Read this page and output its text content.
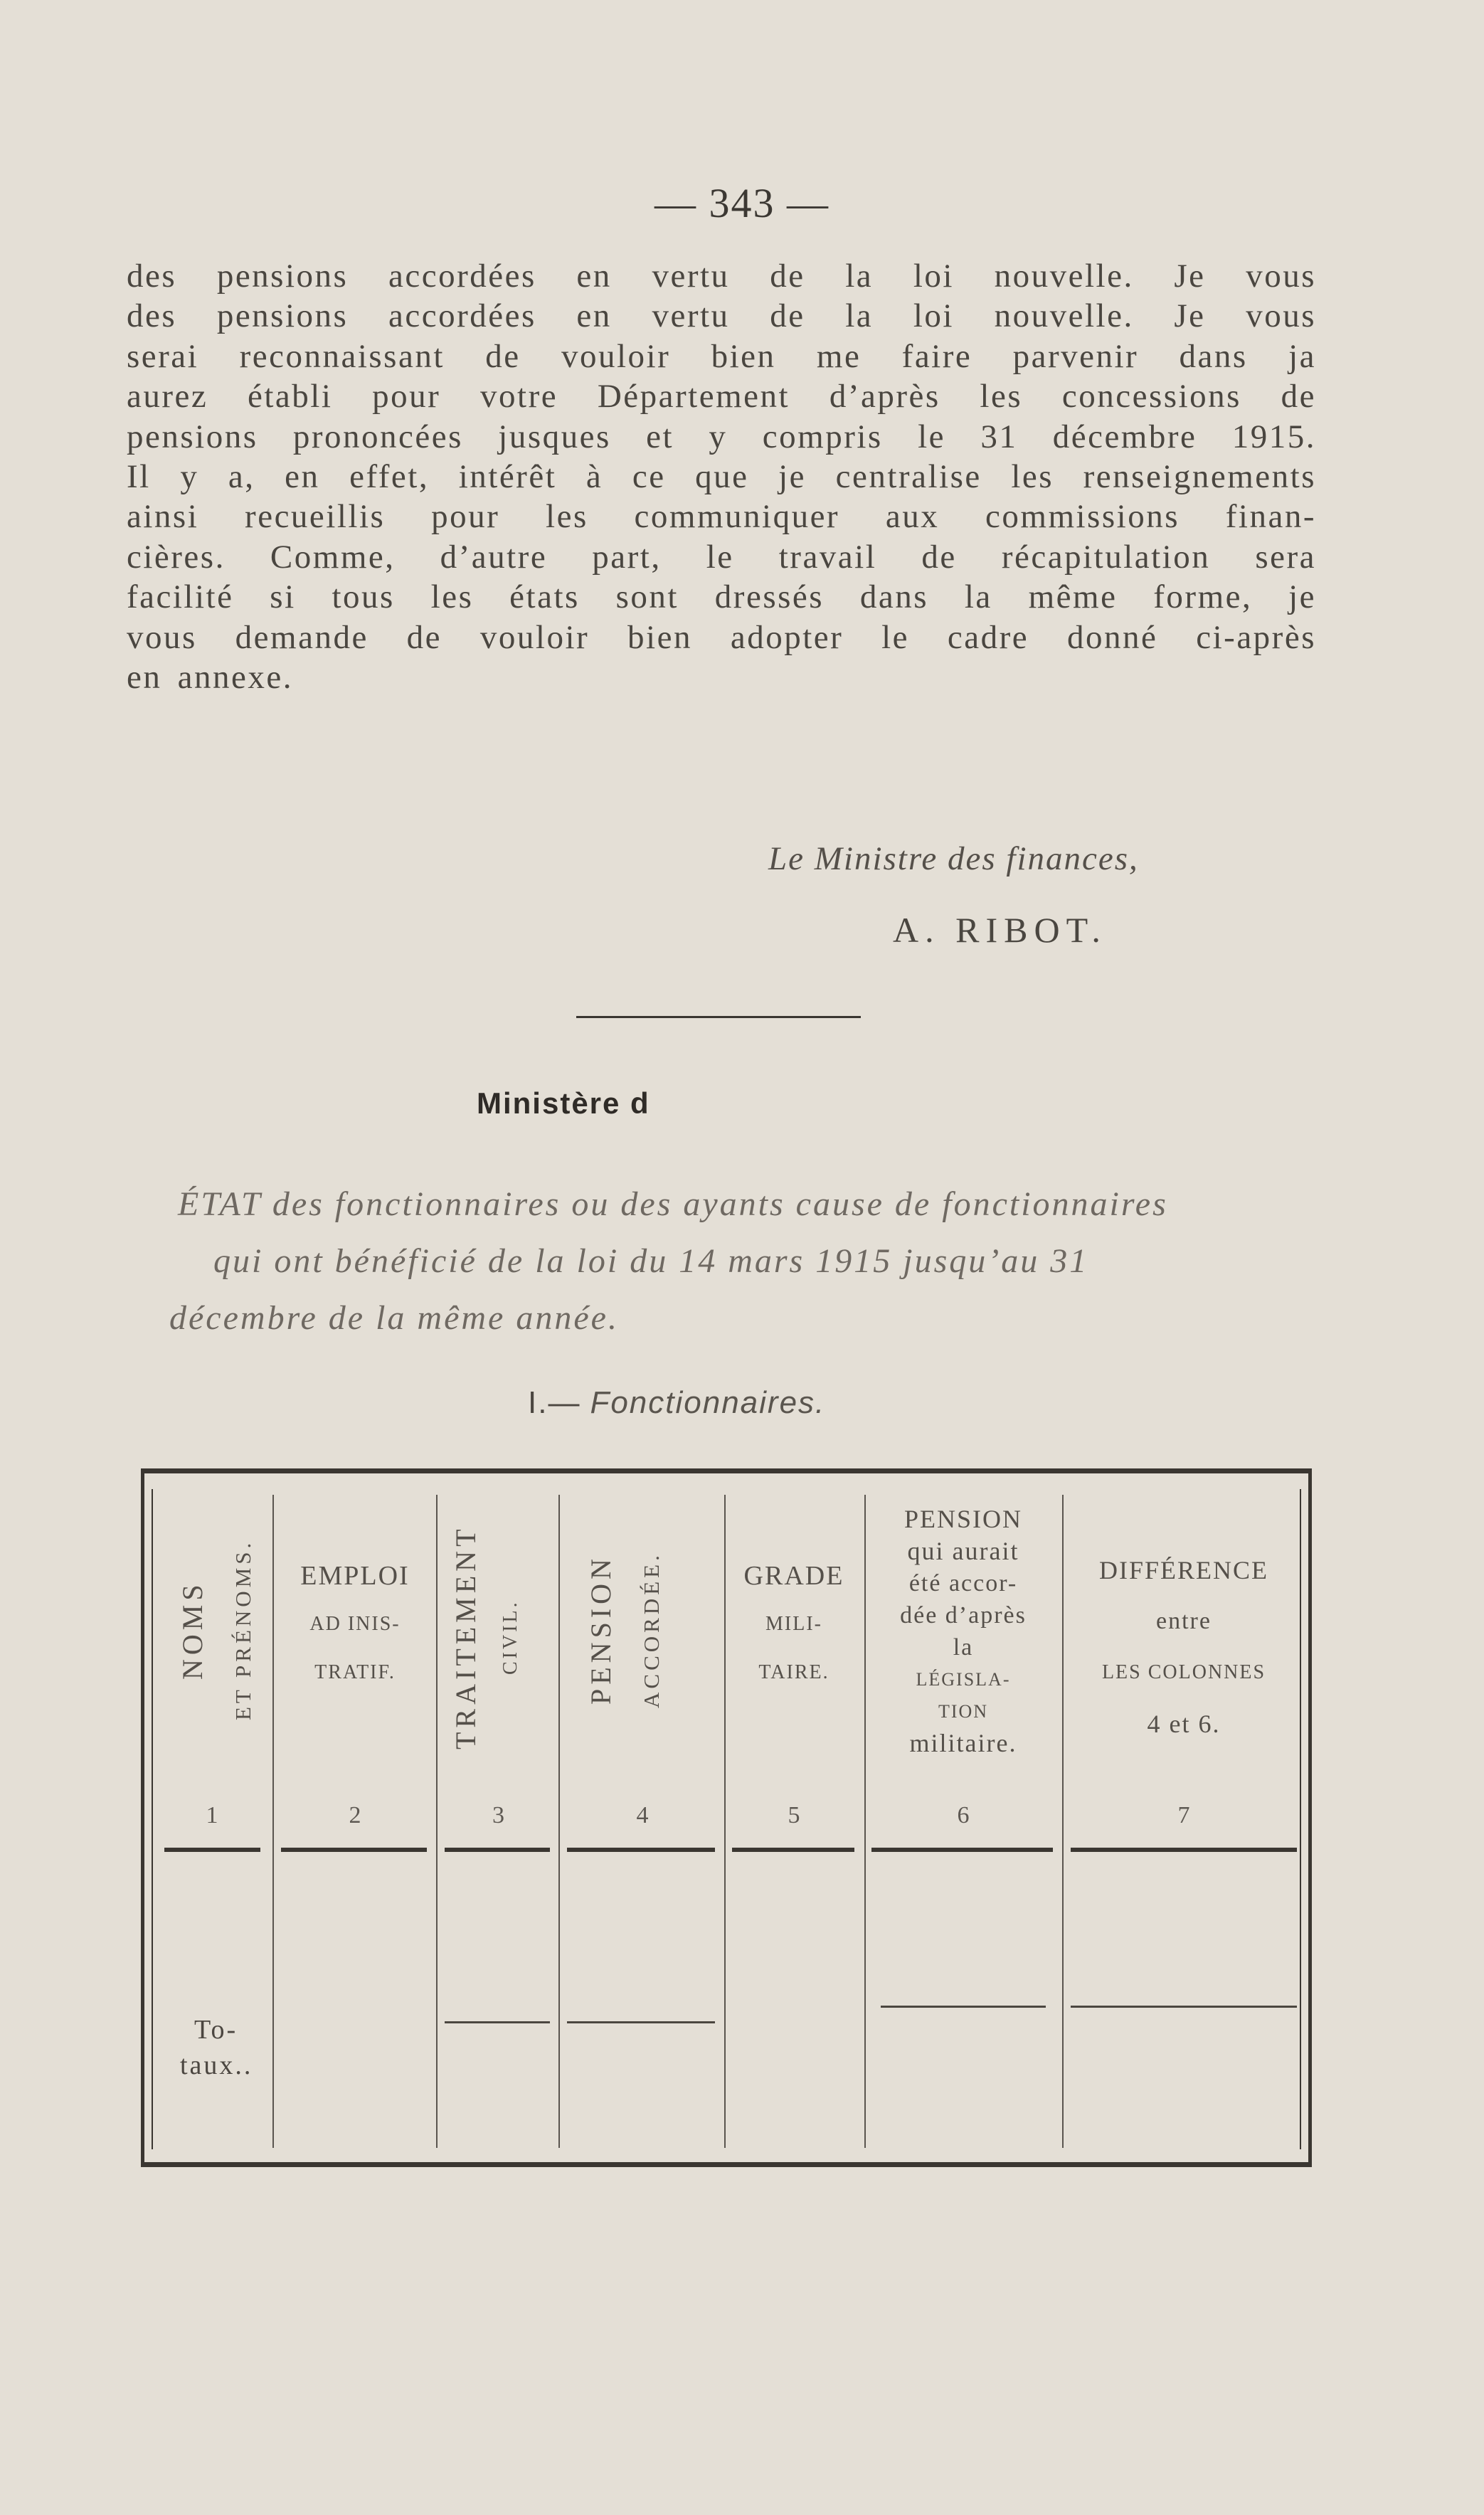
— 343 —
des pensions accordées en vertu de la loi nouvelle. Je vous
des pensions accordées en vertu de la loi nouvelle. Je vous
serai reconnaissant de vouloir bien me faire parvenir dans ja
aurez établi pour votre Département d’après les concessions de
pensions prononcées jusques et y compris le 31 décembre 1915.
Il y a, en effet, intérêt à ce que je centralise les renseignements
ainsi recueillis pour les communiquer aux commissions finan-
cières. Comme, d’autre part, le travail de récapitulation sera
facilité si tous les états sont dressés dans la même forme, je
vous demande de vouloir bien adopter le cadre donné ci-après
en annexe.
Le Ministre des finances,
A. RIBOT.
Ministère d
ÉTAT des fonctionnaires ou des ayants cause de fonctionnaires
qui ont bénéficié de la loi du 14 mars 1915 jusqu’au 31
décembre de la même année.
I.— Fonctionnaires.
NOMS ET PRÉNOMS.
1
EMPLOI
AD INIS-
TRATIF.
2
TRAITEMENT CIVIL.
3
PENSION ACCORDÉE.
4
GRADE
MILI-
TAIRE.
5
PENSION
qui aurait
été accor-
dée d’après
la
LÉGISLA-
TION
militaire.
6
DIFFÉRENCE
entre
LES COLONNES
4 et 6.
7
To-
taux..
